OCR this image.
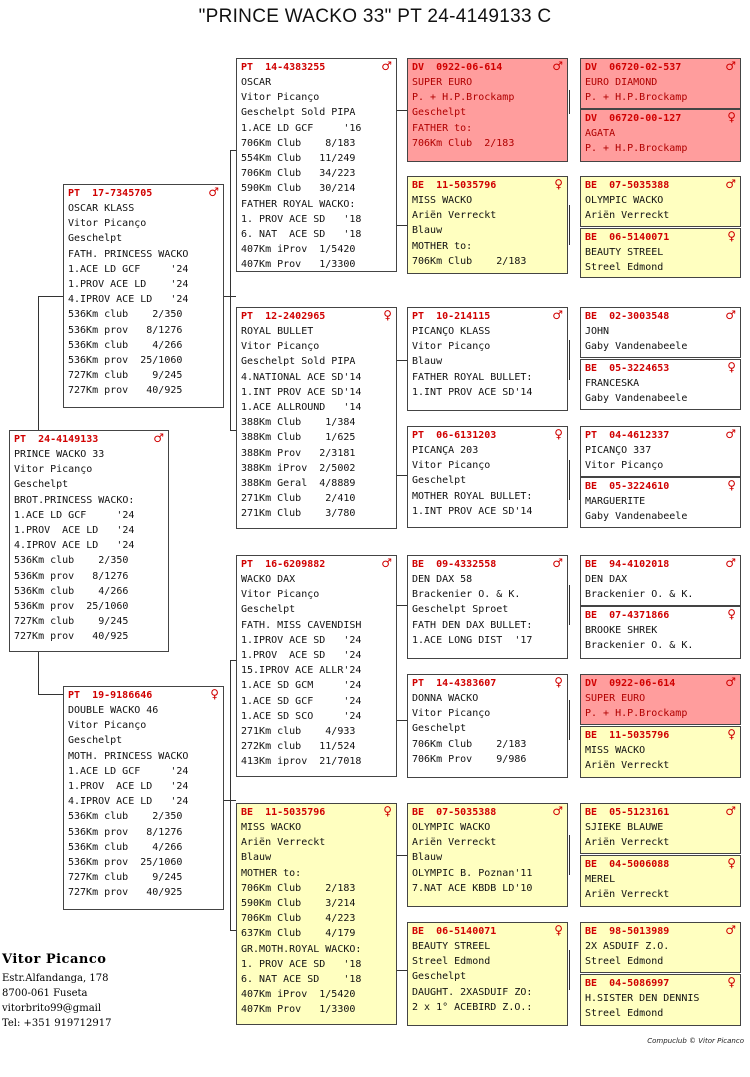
"PRINCE WACKO 33" PT 24-4149133 C
PT  24-4149133	♂
PRINCE WACKO 33
Vitor Picanço
Geschelpt
BROT.PRINCESS WACKO:
1.ACE LD GCF     '24
1.PROV  ACE LD   '24
4.IPROV ACE LD   '24
536Km club    2/350
536Km prov   8/1276
536Km club    4/266
536Km prov  25/1060
727Km club    9/245
727Km prov   40/925
PT  17-7345705	♂
OSCAR KLASS
Vitor Picanço
Geschelpt
FATH. PRINCESS WACKO
1.ACE LD GCF     '24
1.PROV ACE LD    '24
4.IPROV ACE LD   '24
536Km club    2/350
536Km prov   8/1276
536Km club    4/266
536Km prov  25/1060
727Km club    9/245
727Km prov   40/925
PT  19-9186646	♀
DOUBLE WACKO 46
Vitor Picanço
Geschelpt
MOTH. PRINCESS WACKO
1.ACE LD GCF     '24
1.PROV  ACE LD   '24
4.IPROV ACE LD   '24
536Km club    2/350
536Km prov   8/1276
536Km club    4/266
536Km prov  25/1060
727Km club    9/245
727Km prov   40/925
PT  14-4383255	♂
OSCAR
Vitor Picanço
Geschelpt Sold PIPA
1.ACE LD GCF     '16
706Km Club    8/183
554Km Club   11/249
706Km Club   34/223
590Km Club   30/214
FATHER ROYAL WACKO:
1. PROV ACE SD   '18
6. NAT  ACE SD   '18
407Km iProv  1/5420
407Km Prov   1/3300
PT  12-2402965	♀
ROYAL BULLET
Vitor Picanço
Geschelpt Sold PIPA
4.NATIONAL ACE SD'14
1.INT PROV ACE SD'14
1.ACE ALLROUND   '14
388Km Club    1/384
388Km Club    1/625
388Km Prov   2/3181
388Km iProv  2/5002
388Km Geral  4/8889
271Km Club    2/410
271Km Club    3/780
PT  16-6209882	♂
WACKO DAX
Vitor Picanço
Geschelpt
FATH. MISS CAVENDISH
1.IPROV ACE SD   '24
1.PROV  ACE SD   '24
15.IPROV ACE ALLR'24
1.ACE SD GCM     '24
1.ACE SD GCF     '24
1.ACE SD SCO     '24
271Km club    4/933
272Km club   11/524
413Km iprov  21/7018
BE  11-5035796	♀
MISS WACKO
Ariën Verreckt
Blauw
MOTHER to:
706Km Club    2/183
590Km Club    3/214
706Km Club    4/223
637Km Club    4/179
GR.MOTH.ROYAL WACKO:
1. PROV ACE SD   '18
6. NAT ACE SD    '18
407Km iProv  1/5420
407Km Prov   1/3300
DV  0922-06-614	♂
SUPER EURO
P. + H.P.Brockamp
Geschelpt
FATHER to:
706Km Club  2/183
BE  11-5035796	♀
MISS WACKO
Ariën Verreckt
Blauw
MOTHER to:
706Km Club    2/183
PT  10-214115	♂
PICANÇO KLASS
Vitor Picanço
Blauw
FATHER ROYAL BULLET:
1.INT PROV ACE SD'14
PT  06-6131203	♀
PICANÇA 203
Vitor Picanço
Geschelpt
MOTHER ROYAL BULLET:
1.INT PROV ACE SD'14
BE  09-4332558	♂
DEN DAX 58
Brackenier O. & K.
Geschelpt Sproet
FATH DEN DAX BULLET:
1.ACE LONG DIST  '17
PT  14-4383607	♀
DONNA WACKO
Vitor Picanço
Geschelpt
706Km Club    2/183
706Km Prov    9/986
BE  07-5035388	♂
OLYMPIC WACKO
Ariën Verreckt
Blauw
OLYMPIC B. Poznan'11
7.NAT ACE KBDB LD'10
BE  06-5140071	♀
BEAUTY STREEL
Streel Edmond
Geschelpt
DAUGHT. 2XASDUIF ZO:
2 x 1° ACEBIRD Z.O.:
DV  06720-02-537	♂
EURO DIAMOND
P. + H.P.Brockamp
DV  06720-00-127	♀
AGATA
P. + H.P.Brockamp
BE  07-5035388	♂
OLYMPIC WACKO
Ariën Verreckt
BE  06-5140071	♀
BEAUTY STREEL
Streel Edmond
BE  02-3003548	♂
JOHN
Gaby Vandenabeele
BE  05-3224653	♀
FRANCESKA
Gaby Vandenabeele
PT  04-4612337	♂
PICANÇO 337
Vitor Picanço
BE  05-3224610	♀
MARGUERITE
Gaby Vandenabeele
BE  94-4102018	♂
DEN DAX
Brackenier O. & K.
BE  07-4371866	♀
BROOKE SHREK
Brackenier O. & K.
DV  0922-06-614	♂
SUPER EURO
P. + H.P.Brockamp
BE  11-5035796	♀
MISS WACKO
Ariën Verreckt
BE  05-5123161	♂
SJIEKE BLAUWE
Ariën Verreckt
BE  04-5006088	♀
MEREL
Ariën Verreckt
BE  98-5013989	♂
2X ASDUIF Z.O.
Streel Edmond
BE  04-5086997	♀
H.SISTER DEN DENNIS
Streel Edmond
Vitor Picanco
Estr.Alfandanga, 178
8700-061 Fuseta
vitorbrito99@gmail
Tel: +351 919712917
Compuclub © Vitor Picanco
